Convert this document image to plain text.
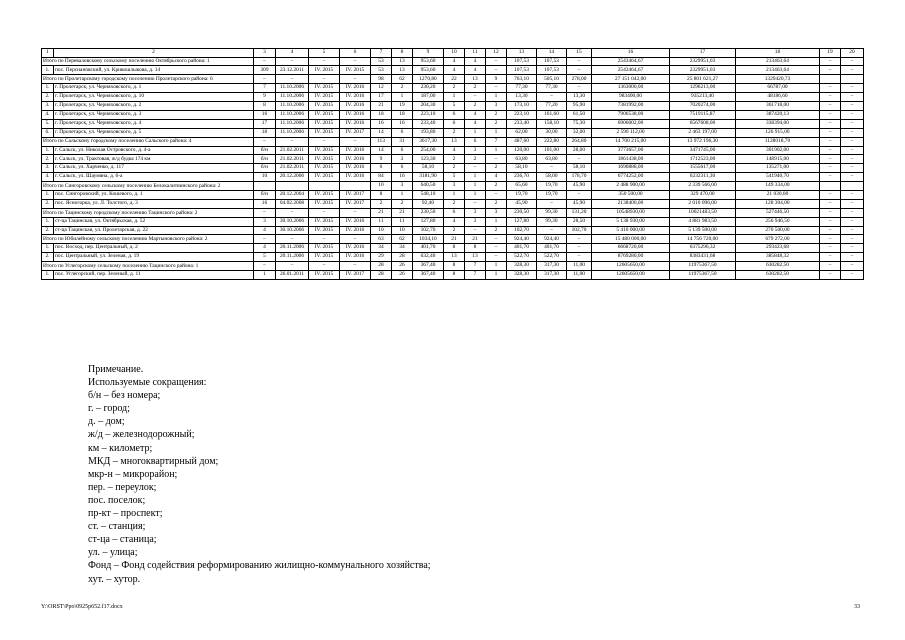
1	2	3	4	5	6	7	8	9	10	11	12	13	14	15	16	17	18	19	20
Итого по Переваловскому сельскому поселению Октябрьского района: 1		–	–	–	–	53	13	953,60	4	4	–	107,53	107,53	–	2543464,67	2329951,03	213463,64	–	–
1.	пос. Персиановский, ул. Кривошлыкова, д. 14	309	23.12.2011	IV. 2015	IV. 2015	53	13	953,60	4	4	–	107,53	107,53	–	2543464,67	2329951,03	213463,64	–	–
Итого по Пролетарскому городскому поселению Пролетарского района: 6		–	–	–	–	98	62	1270,80	22	13	9	763,10	505,10	278,00	27 151 042,00	25 801 621,27	1329420,73		
1.	г. Пролетарск, ул. Черняховского, д. 1	7	11.10.2006	IV. 2015	IV. 2016	12	2	230,20	2	2	–	77,30	77,30	–	1363000,00	1296213,00	66787,00	–	–
2.	г. Пролетарск, ул. Черняховского, д. 10	9	11.10.2006	IV. 2015	IV. 2016	17	1	187,00	1	–	1	13,30	–	13,30	983400,00	935213,40	48186,60	–	–
3.	г. Пролетарск, ул. Черняховского, д. 2	8	11.10.2006	IV. 2015	IV. 2016	21	19	204,30	5	2	3	173,10	77,20	95,90	7381992,00	7020274,00	361718,00	–	–
4.	г. Пролетарск, ул. Черняховского, д. 3	16	11.10.2006	IV. 2015	IV. 2016	18	18	223,10	6	4	2	223,10	161,60	61,50	7906538,00	7519115,87	387420,13	–	–
5.	г. Пролетарск, ул. Черняховского, д. 4	17	11.10.2006	IV. 2015	IV. 2016	16	16	233,40	6	4	2	233,40	158,10	75,30	6906002,00	6567608,00	338394,00	–	–
6.	г. Пролетарск, ул. Черняховского, д. 5	18	11.10.2006	IV. 2015	IV. 2017	14	6	193,80	2	1	1	62,00	30,00	32,00	2 590 112,00	2 463 197,00	126 915,00	–	–
Итого по Сальскому городскому поселению Сальского района: 4		–	–	–	–	113	31	3617,30	13	6	7	487,60	222,80	264,80	14 700 215,00	13 972 196,30	1128018,70	–	–
1.	г. Сальск, ул. Николая Островского, д. 4-а	б/н	21.02.2011	IV. 2015	IV. 2016	14	6	254,00	4	3	1	120,00	101,00	28,00	3773657,00	3471745,00	301902,00	–	–
2.	г. Сальск, ул. Трактовая, ж/д будка 174 км	б/н	21.02.2011	IV. 2015	IV. 2016	9	3	123,30	2	2	–	63,80	63,80	–	1861438,00	1712523,00	148915,00	–	–
3.	г. Сальск, ул. Харченко, д. 117	б/н	21.02.2011	IV. 2015	IV. 2016	6	6	58,10	2	–	2	58,10	–	58,10	1690888,00	1555617,00	135271,00	–	–
4.	г. Сальск, ул. Шаумяна, д. 6-а	10	20.12.2006	IV. 2015	IV. 2016	84	16	3181,90	5	1	4	236,70	58,00	178,70	6774252,00	6232311,30	541940,70	–	–
Итого по Сингоровскому сельскому поселению Белокалитвинского района: 2						10	3	640,50	3	1	2	65,60	19,70	45,90	2 488 900,00	2 339 566,00	149 334,00		
1.	пос. Сингоровский, ул. Кошевого, д. 1	б/н	20.12.2004	IV. 2015	IV. 2017	8	1	548,10	1	1	–	19,70	19,70	–	350 500,00	329 470,00	21 030,00	–	–
2.	пос. Ясногорка, ул. Л. Толстого, д. 3	16	04.02.2008	IV. 2015	IV. 2017	2	2	92,40	2	–	2	45,90	–	45,90	2138400,00	2 010 096,00	128 304,00	–	–
Итого по Тацинскому городскому поселению Тацинского района: 2		–	–	–	–	21	21	230,50	6	3	3	230,50	99,30	131,20	10548930,00	10021483,50	527446,50	–	–
1.	ст-ца Тацинская, ул. Октябрьская, д. 52	3	30.10.2006	IV. 2015	IV. 2016	11	11	127,80	4	3	1	127,80	99,30	28,50	5 138 930,00	4 881 983,50	256 946,50	–	–
2.	ст-ца Тацинская, ул. Пролетарская, д. 22	4	30.10.2006	IV. 2015	IV. 2016	10	10	102,70	2	–	2	102,70	–	102,70	5 410 000,00	5 139 500,00	270 500,00	–	–
Итого по Юбилейному сельскому поселению Мартыновского района: 2		–	–	–	–	63	62	1034,10	21	21	–	924,40	924,40	–	15 480 000,00	14 756 720,00	679 272,00	–	–
1.	пос. Восход, пер. Центральный, д. 2	4	20.11.2006	IV. 2015	IV. 2016	34	34	401,70	8	8	–	401,70	401,70	–	6668720,00	6375296,32	293423,68	–	–
2.	пос. Центральный, ул. Зеленая, д. 19	5	20.11.2006	IV. 2015	IV. 2016	29	28	632,40	13	13	–	522,70	522,70	–	8769280,00	8383431,68	385848,32	–	–
Итого по Углегорскому сельскому поселению Тацинского района: 1		–	–	–	–	28	26	367,40	8	7	1	328,30	317,30	11,00	12605650,00	11975367,50	630282,50	–	–
1.	пос. Углегорский, пер. Зеленый, д. 11	1	26.01.2011	IV. 2015	IV. 2017	28	26	367,40	8	7	1	328,30	317,30	11,00	12605650,00	11975367,50	630282,50	–	–
Примечание.
Используемые сокращения:
б/н – без номера;
г. – город;
д. – дом;
ж/д – железнодорожный;
км – километр;
МКД – многоквартирный дом;
мкр-н – микрорайон;
пер. – переулок;
пос. поселок;
пр-кт – проспект;
ст. – станция;
ст-ца – станица;
ул. – улица;
Фонд – Фонд содействия реформированию жилищно-коммунального хозяйства;
хут. – хутор.
Y:\ORST\Ppo\0925p652.f17.docx	33
